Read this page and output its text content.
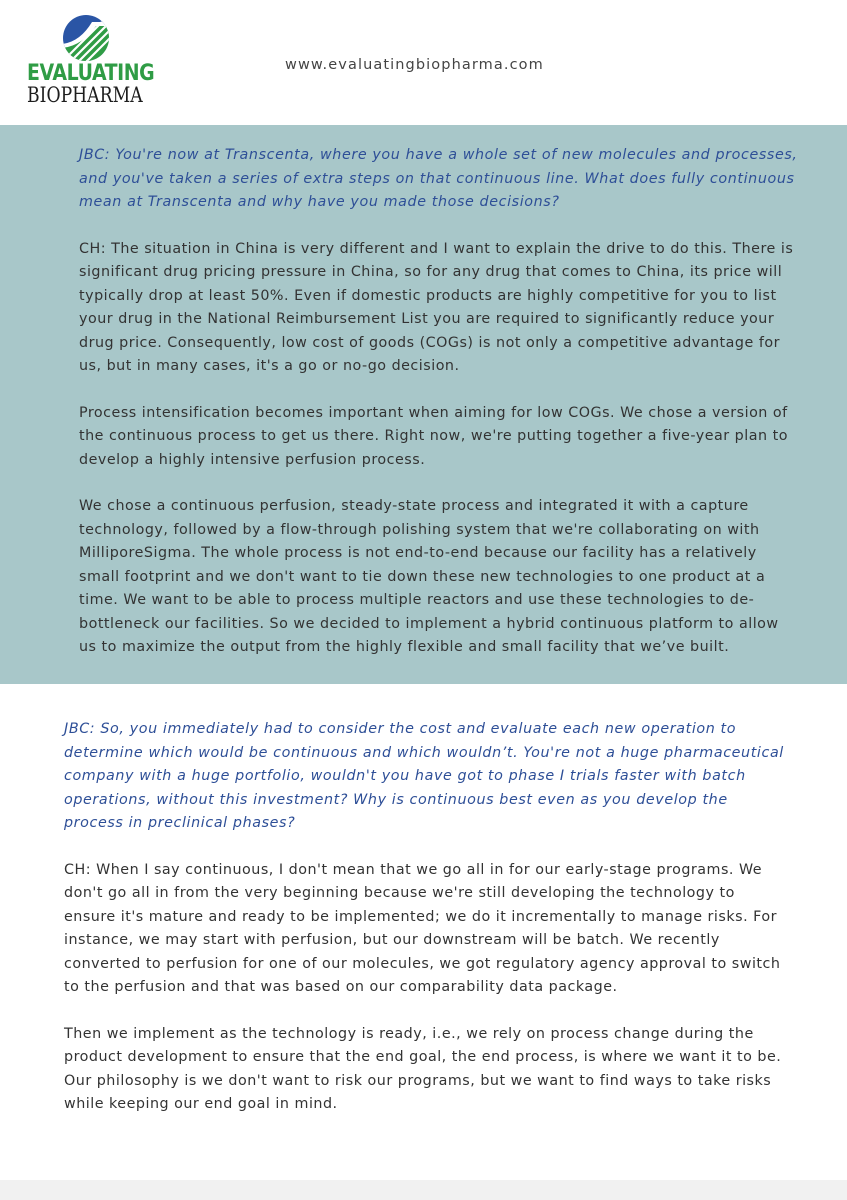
EVALUATING
BIOPHARMA
www.evaluatingbiopharma.com

JBC: You're now at Transcenta, where you have a whole set of new molecules and processes, and you've taken a series of extra steps on that continuous line. What does fully continuous mean at Transcenta and why have you made those decisions?

CH: The situation in China is very different and I want to explain the drive to do this. There is significant drug pricing pressure in China, so for any drug that comes to China, its price will typically drop at least 50%. Even if domestic products are highly competitive for you to list your drug in the National Reimbursement List you are required to significantly reduce your drug price. Consequently, low cost of goods (COGs) is not only a competitive advantage for us, but in many cases, it's a go or no-go decision.

Process intensification becomes important when aiming for low COGs. We chose a version of the continuous process to get us there. Right now, we're putting together a five-year plan to develop a highly intensive perfusion process.

We chose a continuous perfusion, steady-state process and integrated it with a capture technology, followed by a flow-through polishing system that we're collaborating on with MilliporeSigma. The whole process is not end-to-end because our facility has a relatively small footprint and we don't want to tie down these new technologies to one product at a time. We want to be able to process multiple reactors and use these technologies to de-bottleneck our facilities. So we decided to implement a hybrid continuous platform to allow us to maximize the output from the highly flexible and small facility that we’ve built.

JBC: So, you immediately had to consider the cost and evaluate each new operation to determine which would be continuous and which wouldn’t. You're not a huge pharmaceutical company with a huge portfolio, wouldn't you have got to phase I trials faster with batch operations, without this investment? Why is continuous best even as you develop the process in preclinical phases?

CH: When I say continuous, I don't mean that we go all in for our early-stage programs. We don't go all in from the very beginning because we're still developing the technology to ensure it's mature and ready to be implemented; we do it incrementally to manage risks. For instance, we may start with perfusion, but our downstream will be batch. We recently converted to perfusion for one of our molecules, we got regulatory agency approval to switch to the perfusion and that was based on our comparability data package.

Then we implement as the technology is ready, i.e., we rely on process change during the product development to ensure that the end goal, the end process, is where we want it to be. Our philosophy is we don't want to risk our programs, but we want to find ways to take risks while keeping our end goal in mind.
